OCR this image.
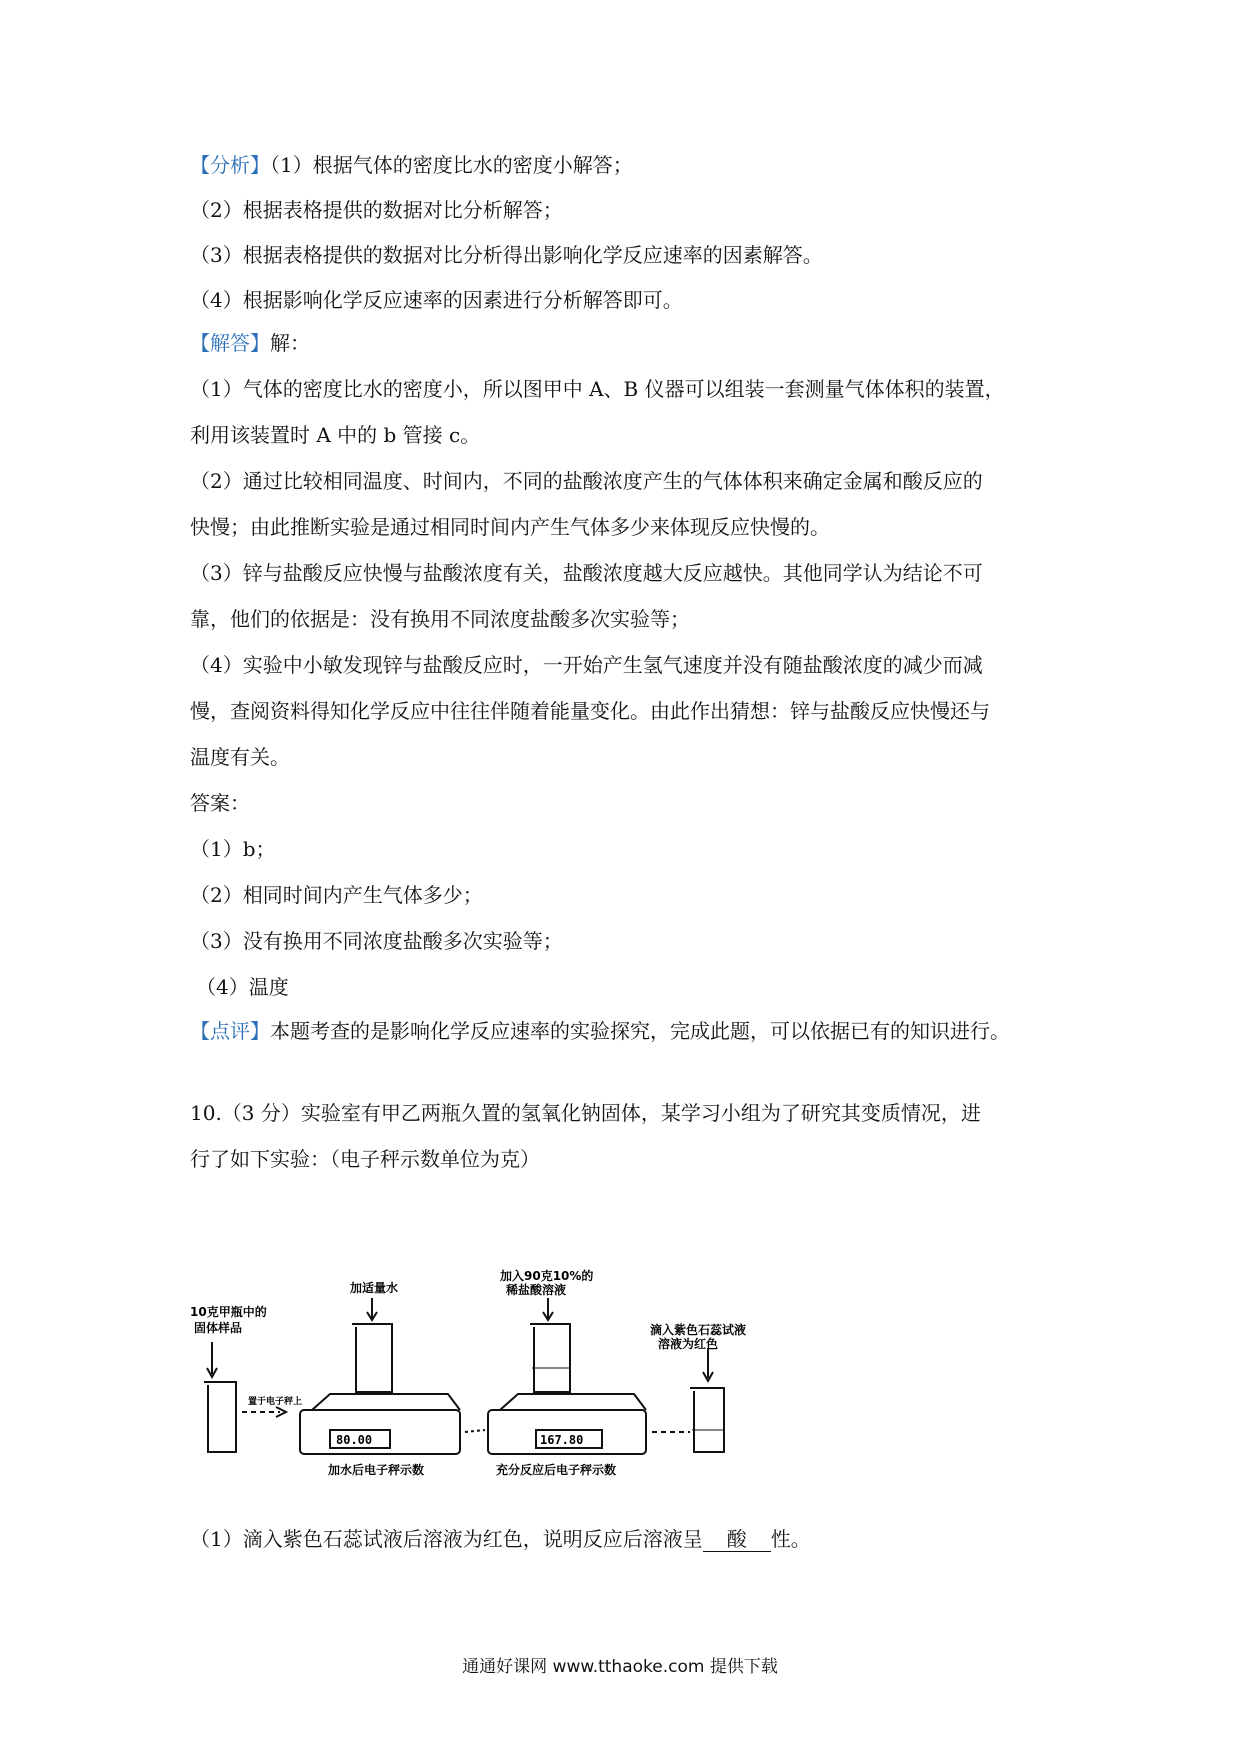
【分析】（1）根据气体的密度比水的密度小解答；

（2）根据表格提供的数据对比分析解答；

（3）根据表格提供的数据对比分析得出影响化学反应速率的因素解答。

（4）根据影响化学反应速率的因素进行分析解答即可。

【解答】解：

（1）气体的密度比水的密度小，所以图甲中 A、B 仪器可以组装一套测量气体体积的装置，

利用该装置时 A 中的 b 管接 c。

（2）通过比较相同温度、时间内，不同的盐酸浓度产生的气体体积来确定金属和酸反应的

快慢；由此推断实验是通过相同时间内产生气体多少来体现反应快慢的。

（3）锌与盐酸反应快慢与盐酸浓度有关，盐酸浓度越大反应越快。其他同学认为结论不可

靠，他们的依据是：没有换用不同浓度盐酸多次实验等；

（4）实验中小敏发现锌与盐酸反应时，一开始产生氢气速度并没有随盐酸浓度的减少而减

慢，查阅资料得知化学反应中往往伴随着能量变化。由此作出猜想：锌与盐酸反应快慢还与

温度有关。

答案：

（1）b；

（2）相同时间内产生气体多少；

（3）没有换用不同浓度盐酸多次实验等；

（4）温度

【点评】本题考查的是影响化学反应速率的实验探究，完成此题，可以依据已有的知识进行。

10.（3 分）实验室有甲乙两瓶久置的氢氧化钠固体，某学习小组为了研究其变质情况，进

行了如下实验：（电子秤示数单位为克）

10克甲瓶中的
固体样品
置于电子秤上
加适量水
加入90克10%的
稀盐酸溶液
滴入紫色石蕊试液
溶液为红色
80.00	167.80
加水后电子秤示数	充分反应后电子秤示数

（1）滴入紫色石蕊试液后溶液为红色，说明反应后溶液呈 酸 性。

通通好课网 www.tthaoke.com 提供下载
